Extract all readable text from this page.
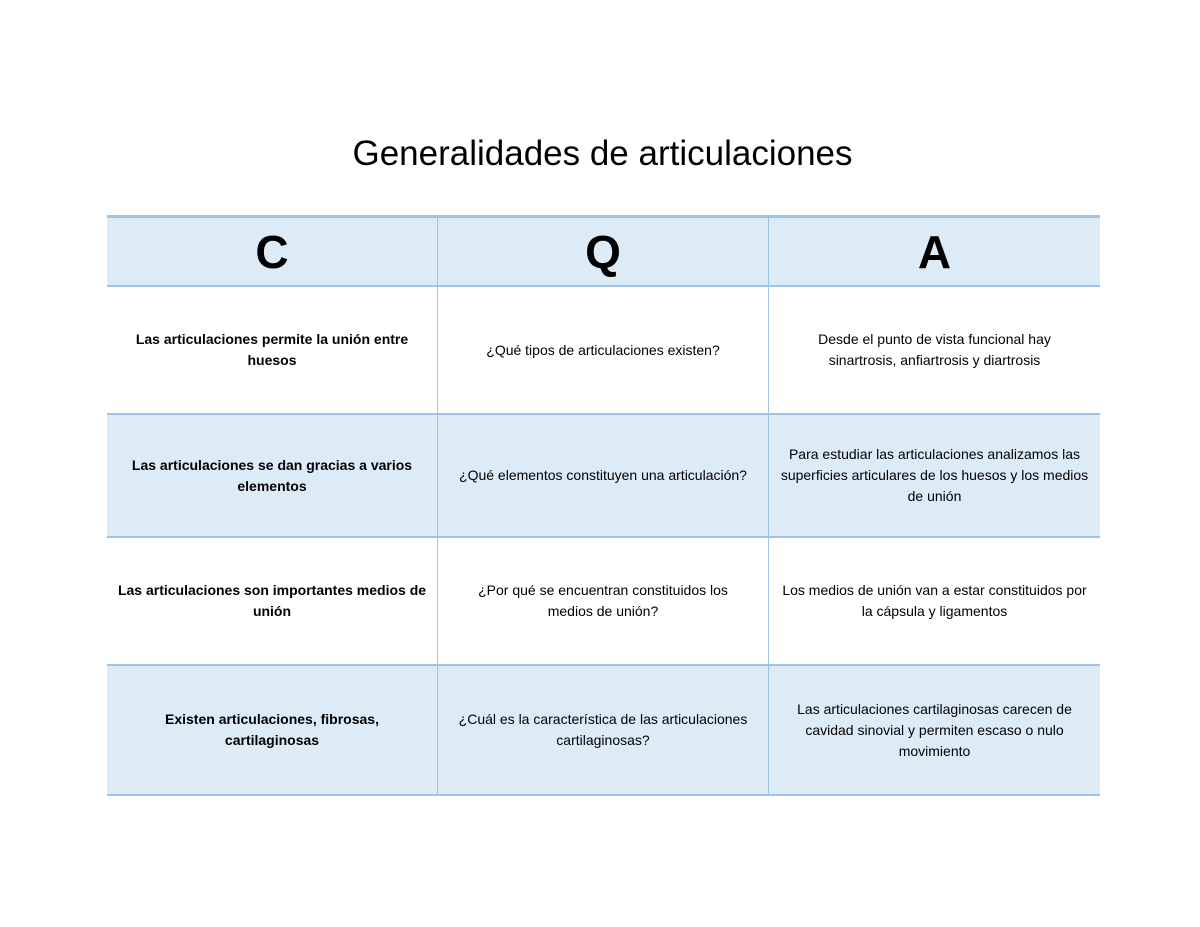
Generalidades de articulaciones
C	Q	A
Las articulaciones permite la unión entre huesos
¿Qué tipos de articulaciones existen?
Desde el punto de vista funcional hay sinartrosis, anfiartrosis y diartrosis
Las articulaciones se dan gracias a varios elementos
¿Qué elementos constituyen una articulación?
Para estudiar las articulaciones analizamos las superficies articulares de los huesos y los medios de unión
Las articulaciones son importantes medios de unión
¿Por qué se encuentran constituidos los medios de unión?
Los medios de unión van a estar constituidos por la cápsula y ligamentos
Existen articulaciones, fibrosas, cartilaginosas
¿Cuál es la característica de las articulaciones cartilaginosas?
Las articulaciones cartilaginosas carecen de cavidad sinovial y permiten escaso o nulo movimiento
